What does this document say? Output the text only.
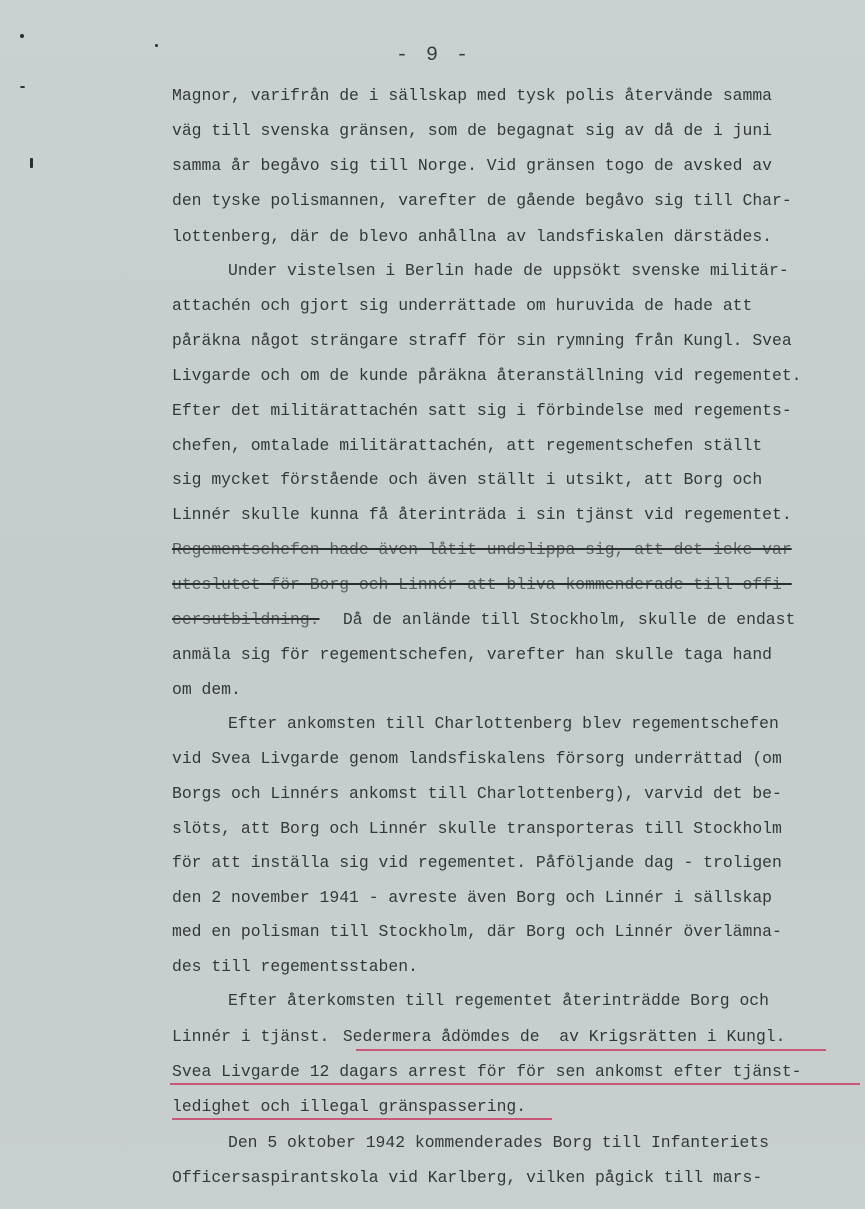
- 9 -
Magnor, varifrån de i sällskap med tysk polis återvände samma
väg till svenska gränsen, som de begagnat sig av då de i juni
samma år begåvo sig till Norge. Vid gränsen togo de avsked av
den tyske polismannen, varefter de gående begåvo sig till Char-
lottenberg, där de blevo anhållna av landsfiskalen därstädes.
Under vistelsen i Berlin hade de uppsökt svenske militär-
attachén och gjort sig underrättade om huruvida de hade att
påräkna något strängare straff för sin rymning från Kungl. Svea
Livgarde och om de kunde påräkna återanställning vid regementet.
Efter det militärattachén satt sig i förbindelse med regements-
chefen, omtalade militärattachén, att regementschefen ställt
sig mycket förstående och även ställt i utsikt, att Borg och
Linnér skulle kunna få återinträda i sin tjänst vid regementet.
Regementschefen hade även låtit undslippa sig, att det icke var
uteslutet för Borg och Linnér att bliva kommenderade till offi-
cersutbildning. Då de anlände till Stockholm, skulle de endast
anmäla sig för regementschefen, varefter han skulle taga hand
om dem.
Efter ankomsten till Charlottenberg blev regementschefen
vid Svea Livgarde genom landsfiskalens försorg underrättad (om
Borgs och Linnérs ankomst till Charlottenberg), varvid det be-
slöts, att Borg och Linnér skulle transporteras till Stockholm
för att inställa sig vid regementet. Påföljande dag - troligen
den 2 november 1941 - avreste även Borg och Linnér i sällskap
med en polisman till Stockholm, där Borg och Linnér överlämna-
des till regementsstaben.
Efter återkomsten till regementet återinträdde Borg och
Linnér i tjänst. Sedermera ådömdes de  av Krigsrätten i Kungl.
Svea Livgarde 12 dagars arrest för för sen ankomst efter tjänst-
ledighet och illegal gränspassering.
Den 5 oktober 1942 kommenderades Borg till Infanteriets
Officersaspirantskola vid Karlberg, vilken pågick till mars-
